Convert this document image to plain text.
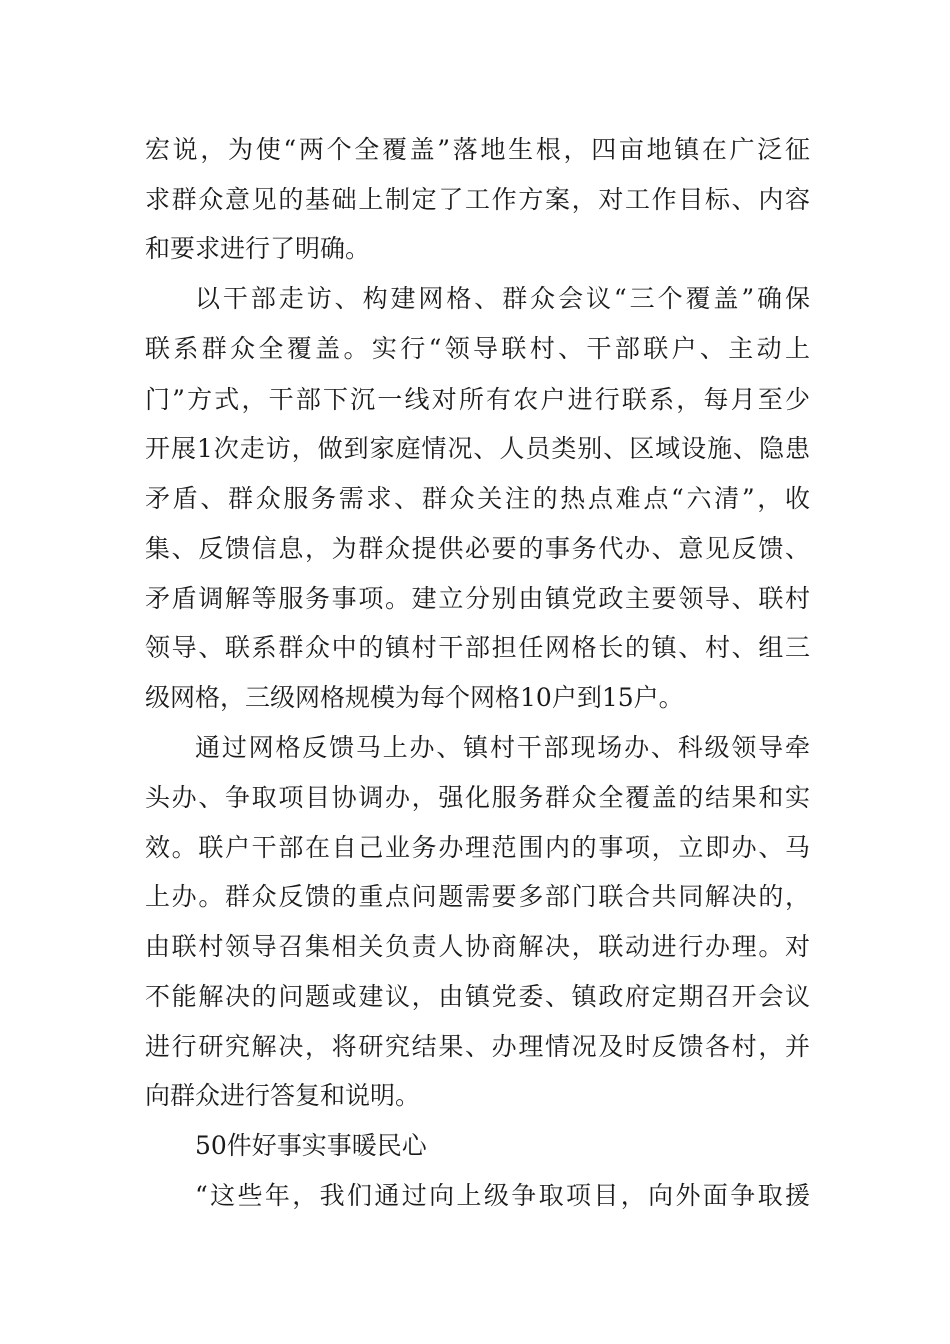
宏说，为使“两个全覆盖”落地生根，四亩地镇在广泛征
求群众意见的基础上制定了工作方案，对工作目标、内容
和要求进行了明确。
以干部走访、构建网格、群众会议“三个覆盖”确保
联系群众全覆盖。实行“领导联村、干部联户、主动上
门”方式，干部下沉一线对所有农户进行联系，每月至少
开展1次走访，做到家庭情况、人员类别、区域设施、隐患
矛盾、群众服务需求、群众关注的热点难点“六清”，收
集、反馈信息，为群众提供必要的事务代办、意见反馈、
矛盾调解等服务事项。建立分别由镇党政主要领导、联村
领导、联系群众中的镇村干部担任网格长的镇、村、组三
级网格，三级网格规模为每个网格10户到15户。
通过网格反馈马上办、镇村干部现场办、科级领导牵
头办、争取项目协调办，强化服务群众全覆盖的结果和实
效。联户干部在自己业务办理范围内的事项，立即办、马
上办。群众反馈的重点问题需要多部门联合共同解决的，
由联村领导召集相关负责人协商解决，联动进行办理。对
不能解决的问题或建议，由镇党委、镇政府定期召开会议
进行研究解决，将研究结果、办理情况及时反馈各村，并
向群众进行答复和说明。
50件好事实事暖民心
“这些年，我们通过向上级争取项目，向外面争取援
